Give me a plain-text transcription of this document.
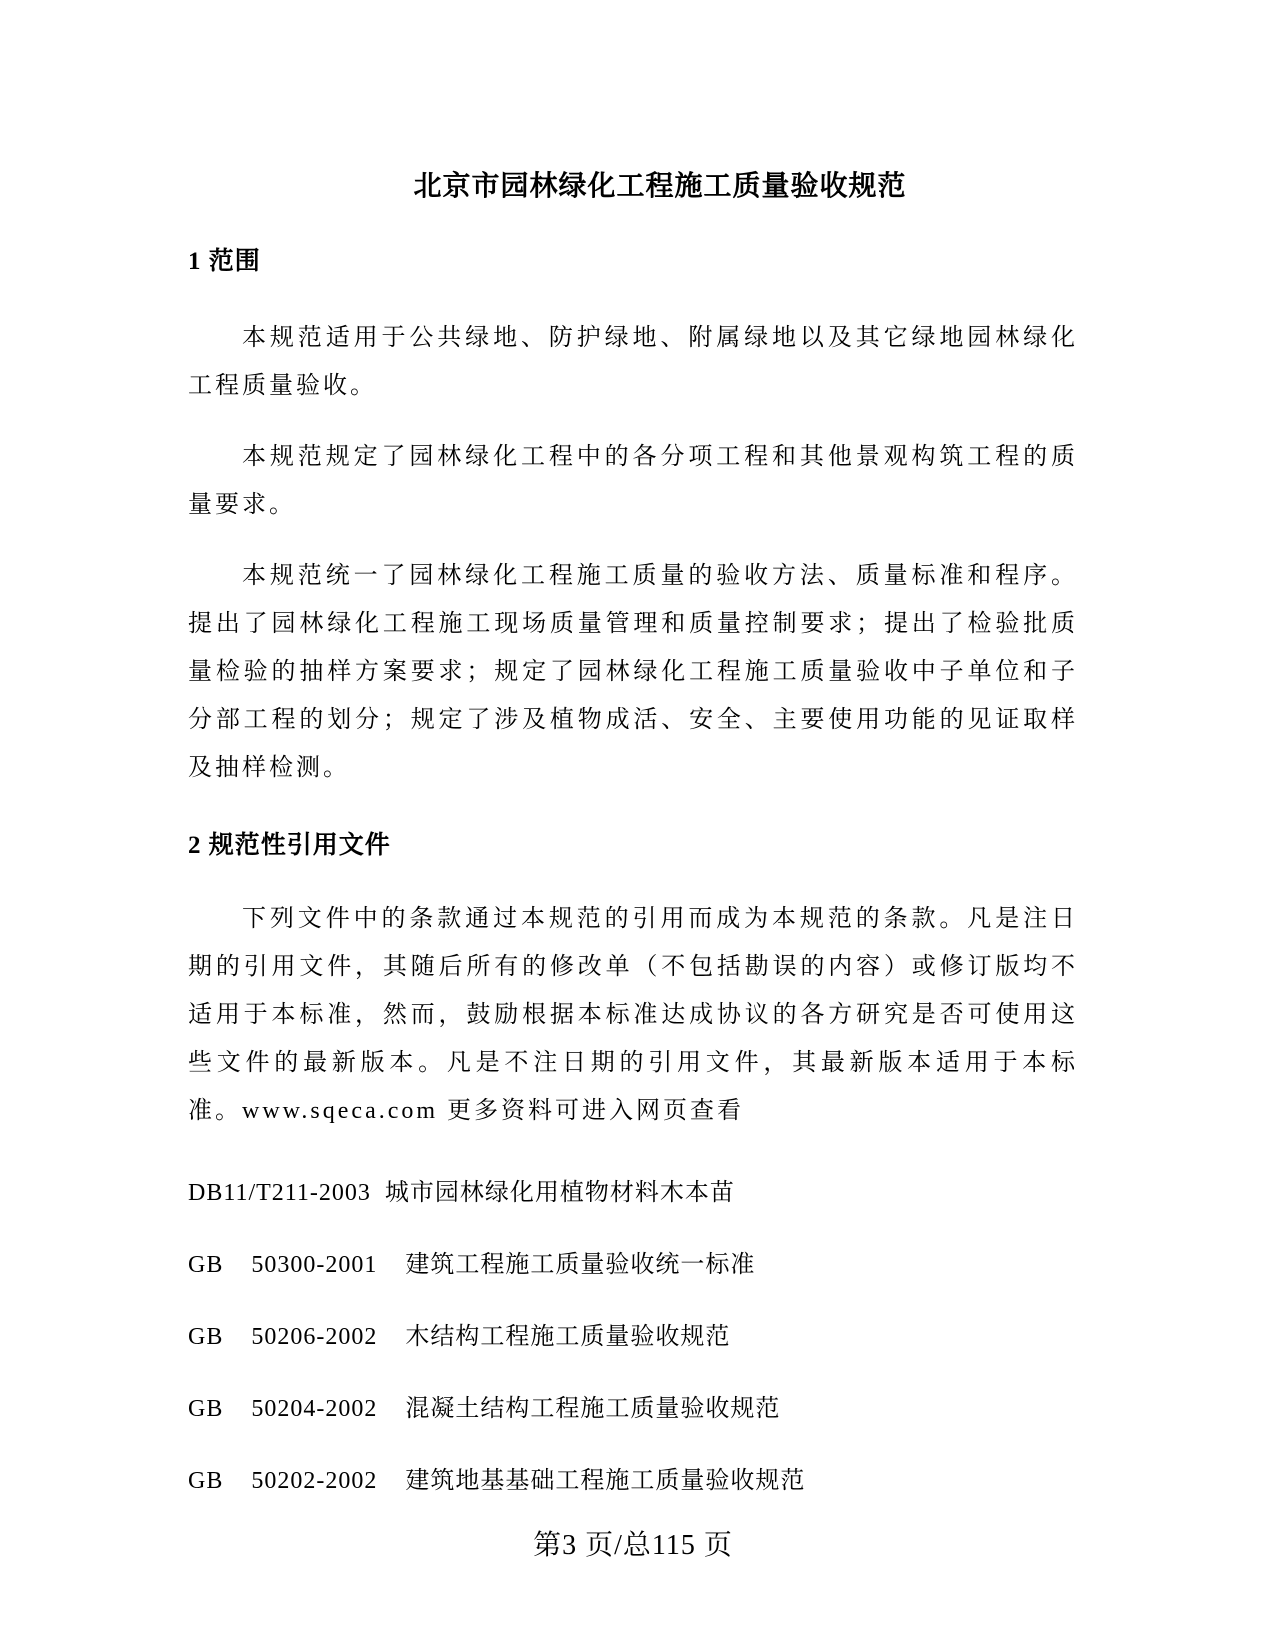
北京市园林绿化工程施工质量验收规范
1 范围

本规范适用于公共绿地、防护绿地、附属绿地以及其它绿地园林绿化工程质量验收。

本规范规定了园林绿化工程中的各分项工程和其他景观构筑工程的质量要求。

本规范统一了园林绿化工程施工质量的验收方法、质量标准和程序。提出了园林绿化工程施工现场质量管理和质量控制要求；提出了检验批质量检验的抽样方案要求；规定了园林绿化工程施工质量验收中子单位和子分部工程的划分；规定了涉及植物成活、安全、主要使用功能的见证取样及抽样检测。

2 规范性引用文件

下列文件中的条款通过本规范的引用而成为本规范的条款。凡是注日期的引用文件，其随后所有的修改单（不包括勘误的内容）或修订版均不适用于本标准，然而，鼓励根据本标准达成协议的各方研究是否可使用这些文件的最新版本。凡是不注日期的引用文件，其最新版本适用于本标准。www.sqeca.com 更多资料可进入网页查看

DB11/T211-2003  城市园林绿化用植物材料木本苗

GB    50300-2001    建筑工程施工质量验收统一标准

GB    50206-2002    木结构工程施工质量验收规范

GB    50204-2002    混凝土结构工程施工质量验收规范

GB    50202-2002    建筑地基基础工程施工质量验收规范

第3 页/总115 页
